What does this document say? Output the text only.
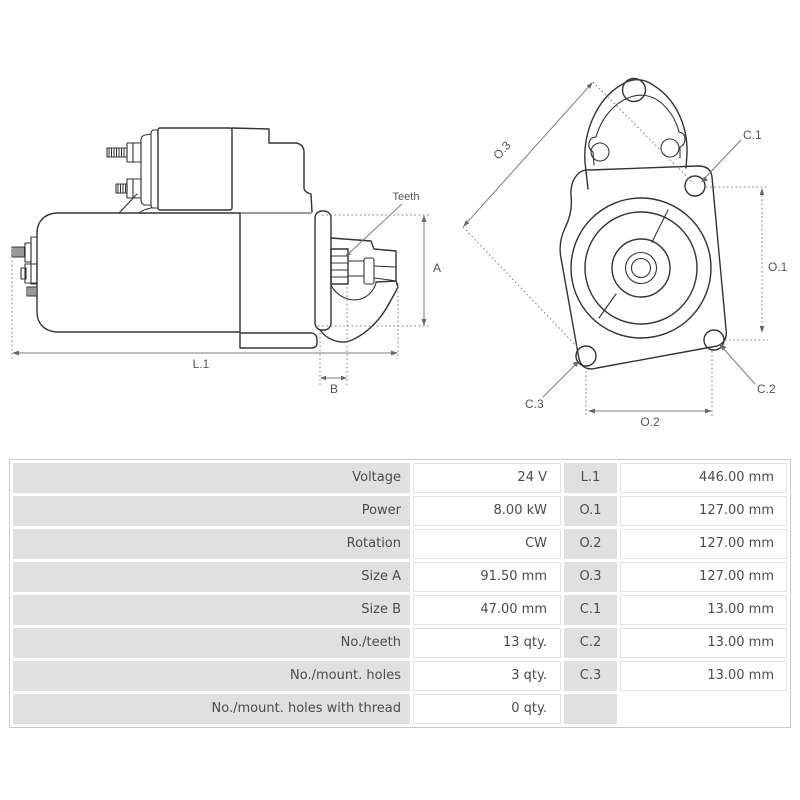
Teeth
A
L.1
B
O.3
C.1
O.1
C.2
C.3
O.2
Voltage	24 V	L.1	446.00 mm
Power	8.00 kW	O.1	127.00 mm
Rotation	CW	O.2	127.00 mm
Size A	91.50 mm	O.3	127.00 mm
Size B	47.00 mm	C.1	13.00 mm
No./teeth	13 qty.	C.2	13.00 mm
No./mount. holes	3 qty.	C.3	13.00 mm
No./mount. holes with thread	0 qty.
